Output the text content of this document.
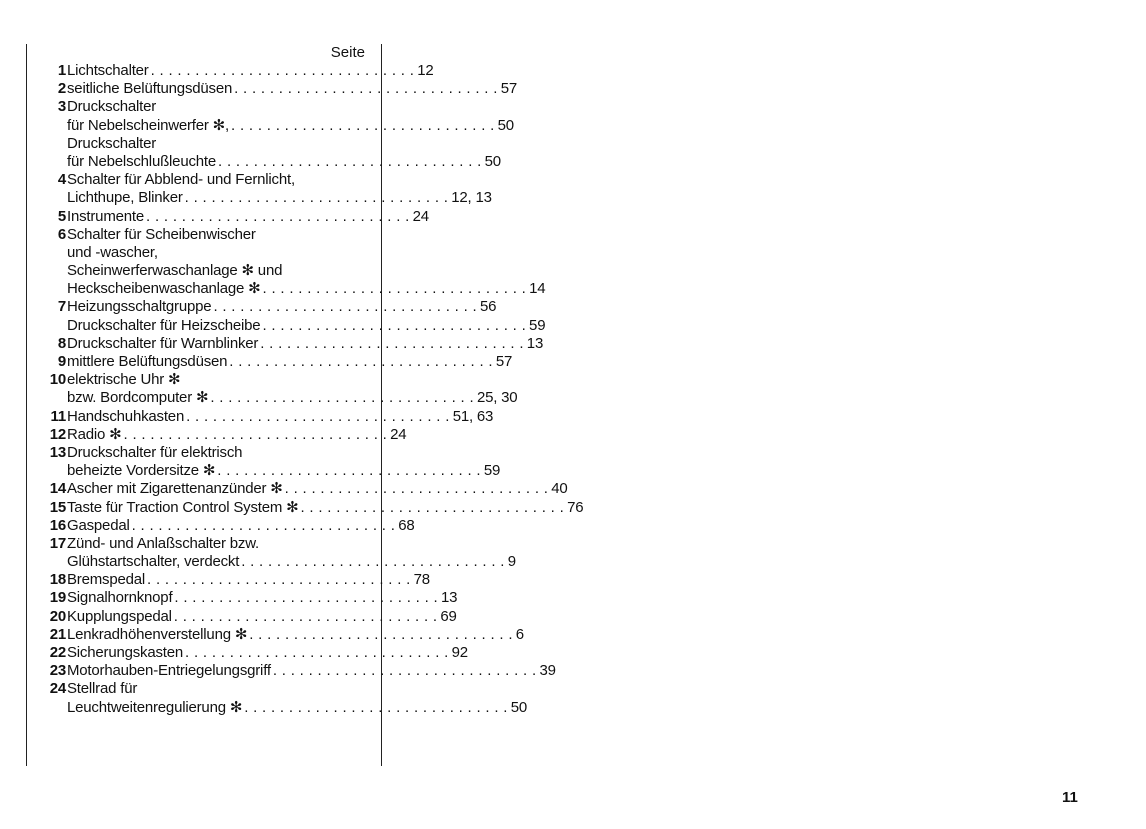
Seite
1 Lichtschalter . . . . . . . . . . . . . . . . . . . . . . . . . . . . . . 12
2 seitliche Belüftungsdüsen . . . . . . . . . . . . . . . . . . . . . . . . . . . . . . 57
3 Druckschalter
für Nebelscheinwerfer ✻, . . . . . . . . . . . . . . . . . . . . . . . . . . . . . . 50
Druckschalter
für Nebelschlußleuchte . . . . . . . . . . . . . . . . . . . . . . . . . . . . . . 50
4 Schalter für Abblend- und Fernlicht,
Lichthupe, Blinker . . . . . . . . . . . . . . . . . . . . . . . . . . . . . . 12, 13
5 Instrumente . . . . . . . . . . . . . . . . . . . . . . . . . . . . . . 24
6 Schalter für Scheibenwischer
und -wascher,
Scheinwerferwaschanlage ✻ und
Heckscheibenwaschanlage ✻ . . . . . . . . . . . . . . . . . . . . . . . . . . . . . . 14
7 Heizungsschaltgruppe . . . . . . . . . . . . . . . . . . . . . . . . . . . . . . 56
Druckschalter für Heizscheibe . . . . . . . . . . . . . . . . . . . . . . . . . . . . . . 59
8 Druckschalter für Warnblinker . . . . . . . . . . . . . . . . . . . . . . . . . . . . . . 13
9 mittlere Belüftungsdüsen . . . . . . . . . . . . . . . . . . . . . . . . . . . . . . 57
10 elektrische Uhr ✻
bzw. Bordcomputer ✻ . . . . . . . . . . . . . . . . . . . . . . . . . . . . . . 25, 30
11 Handschuhkasten . . . . . . . . . . . . . . . . . . . . . . . . . . . . . . 51, 63
12 Radio ✻ . . . . . . . . . . . . . . . . . . . . . . . . . . . . . . 24
13 Druckschalter für elektrisch
beheizte Vordersitze ✻ . . . . . . . . . . . . . . . . . . . . . . . . . . . . . . 59
14 Ascher mit Zigarettenanzünder ✻ . . . . . . . . . . . . . . . . . . . . . . . . . . . . . . 40
15 Taste für Traction Control System ✻ . . . . . . . . . . . . . . . . . . . . . . . . . . . . . . 76
16 Gaspedal . . . . . . . . . . . . . . . . . . . . . . . . . . . . . . 68
17 Zünd- und Anlaßschalter bzw.
Glühstartschalter, verdeckt . . . . . . . . . . . . . . . . . . . . . . . . . . . . . . 9
18 Bremspedal . . . . . . . . . . . . . . . . . . . . . . . . . . . . . . 78
19 Signalhornknopf . . . . . . . . . . . . . . . . . . . . . . . . . . . . . . 13
20 Kupplungspedal . . . . . . . . . . . . . . . . . . . . . . . . . . . . . . 69
21 Lenkradhöhenverstellung ✻ . . . . . . . . . . . . . . . . . . . . . . . . . . . . . . 6
22 Sicherungskasten . . . . . . . . . . . . . . . . . . . . . . . . . . . . . . 92
23 Motorhauben-Entriegelungsgriff . . . . . . . . . . . . . . . . . . . . . . . . . . . . . . 39
24 Stellrad für
Leuchtweitenregulierung ✻ . . . . . . . . . . . . . . . . . . . . . . . . . . . . . . 50
11
